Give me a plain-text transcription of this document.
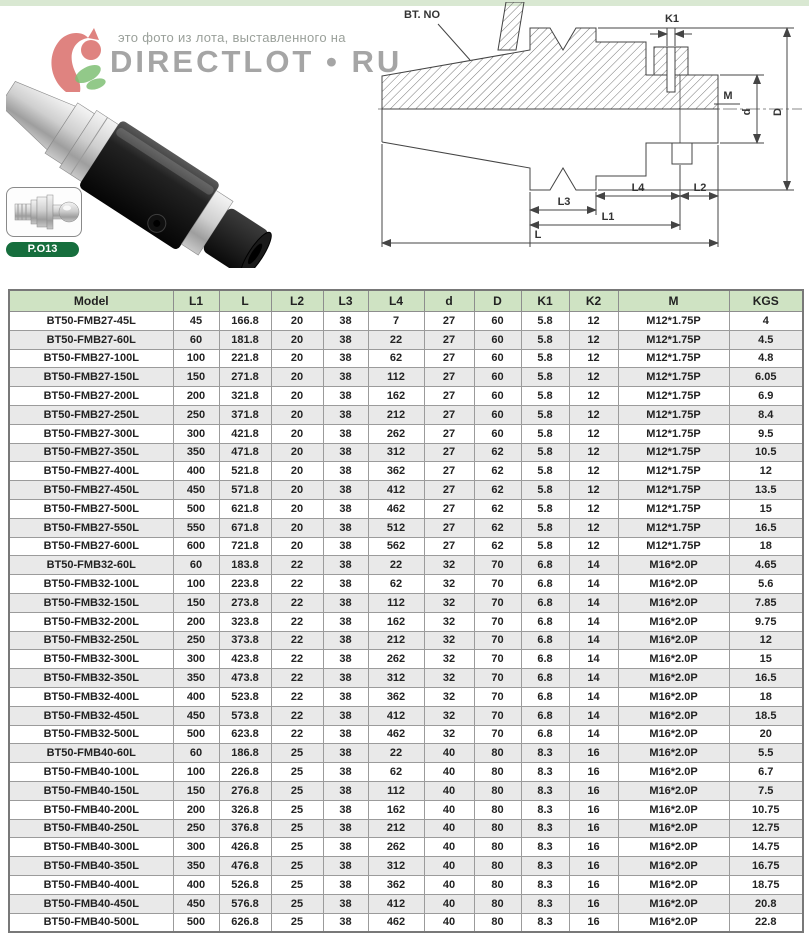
это фото из лота, выставленного на
DIRECTLOT • RU
P.O13
BT. NO	K1
M
d D
L4	L2
L3
L1
L
Model	L1	L	L2	L3	L4	d	D	K1	K2	M	KGS
BT50-FMB27-45L	45	166.8	20	38	7	27	60	5.8	12	M12*1.75P	4
BT50-FMB27-60L	60	181.8	20	38	22	27	60	5.8	12	M12*1.75P	4.5
BT50-FMB27-100L	100	221.8	20	38	62	27	60	5.8	12	M12*1.75P	4.8
BT50-FMB27-150L	150	271.8	20	38	112	27	60	5.8	12	M12*1.75P	6.05
BT50-FMB27-200L	200	321.8	20	38	162	27	60	5.8	12	M12*1.75P	6.9
BT50-FMB27-250L	250	371.8	20	38	212	27	60	5.8	12	M12*1.75P	8.4
BT50-FMB27-300L	300	421.8	20	38	262	27	60	5.8	12	M12*1.75P	9.5
BT50-FMB27-350L	350	471.8	20	38	312	27	62	5.8	12	M12*1.75P	10.5
BT50-FMB27-400L	400	521.8	20	38	362	27	62	5.8	12	M12*1.75P	12
BT50-FMB27-450L	450	571.8	20	38	412	27	62	5.8	12	M12*1.75P	13.5
BT50-FMB27-500L	500	621.8	20	38	462	27	62	5.8	12	M12*1.75P	15
BT50-FMB27-550L	550	671.8	20	38	512	27	62	5.8	12	M12*1.75P	16.5
BT50-FMB27-600L	600	721.8	20	38	562	27	62	5.8	12	M12*1.75P	18
BT50-FMB32-60L	60	183.8	22	38	22	32	70	6.8	14	M16*2.0P	4.65
BT50-FMB32-100L	100	223.8	22	38	62	32	70	6.8	14	M16*2.0P	5.6
BT50-FMB32-150L	150	273.8	22	38	112	32	70	6.8	14	M16*2.0P	7.85
BT50-FMB32-200L	200	323.8	22	38	162	32	70	6.8	14	M16*2.0P	9.75
BT50-FMB32-250L	250	373.8	22	38	212	32	70	6.8	14	M16*2.0P	12
BT50-FMB32-300L	300	423.8	22	38	262	32	70	6.8	14	M16*2.0P	15
BT50-FMB32-350L	350	473.8	22	38	312	32	70	6.8	14	M16*2.0P	16.5
BT50-FMB32-400L	400	523.8	22	38	362	32	70	6.8	14	M16*2.0P	18
BT50-FMB32-450L	450	573.8	22	38	412	32	70	6.8	14	M16*2.0P	18.5
BT50-FMB32-500L	500	623.8	22	38	462	32	70	6.8	14	M16*2.0P	20
BT50-FMB40-60L	60	186.8	25	38	22	40	80	8.3	16	M16*2.0P	5.5
BT50-FMB40-100L	100	226.8	25	38	62	40	80	8.3	16	M16*2.0P	6.7
BT50-FMB40-150L	150	276.8	25	38	112	40	80	8.3	16	M16*2.0P	7.5
BT50-FMB40-200L	200	326.8	25	38	162	40	80	8.3	16	M16*2.0P	10.75
BT50-FMB40-250L	250	376.8	25	38	212	40	80	8.3	16	M16*2.0P	12.75
BT50-FMB40-300L	300	426.8	25	38	262	40	80	8.3	16	M16*2.0P	14.75
BT50-FMB40-350L	350	476.8	25	38	312	40	80	8.3	16	M16*2.0P	16.75
BT50-FMB40-400L	400	526.8	25	38	362	40	80	8.3	16	M16*2.0P	18.75
BT50-FMB40-450L	450	576.8	25	38	412	40	80	8.3	16	M16*2.0P	20.8
BT50-FMB40-500L	500	626.8	25	38	462	40	80	8.3	16	M16*2.0P	22.8
